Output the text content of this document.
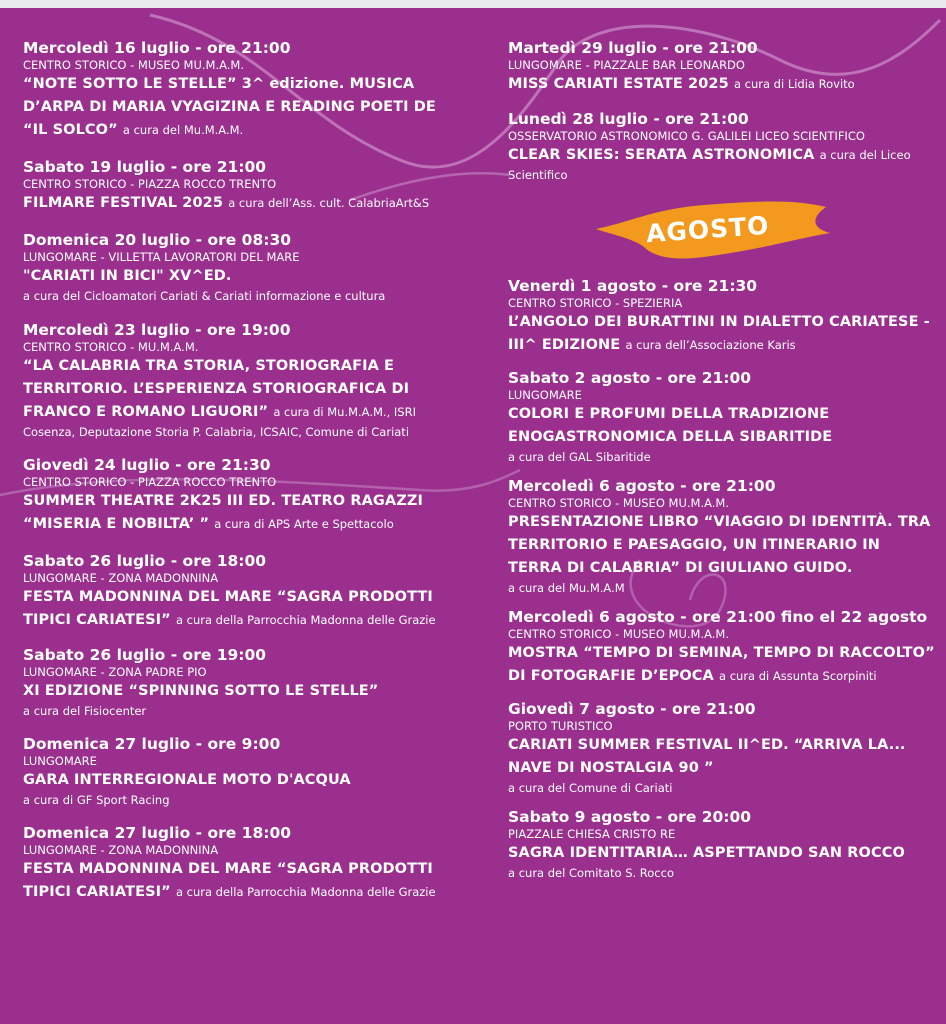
Mercoledì 16 luglio - ore 21:00
CENTRO STORICO - MUSEO MU.M.A.M.
“NOTE SOTTO LE STELLE” 3^ edizione. MUSICA
D’ARPA DI MARIA VYAGIZINA E READING POETI DE
“IL SOLCO” a cura del Mu.M.A.M.
Sabato 19 luglio - ore 21:00
CENTRO STORICO - PIAZZA ROCCO TRENTO
FILMARE FESTIVAL 2025 a cura dell’Ass. cult. CalabriaArt&S
Domenica 20 luglio - ore 08:30
LUNGOMARE - VILLETTA LAVORATORI DEL MARE
"CARIATI IN BICI" XV^ED.
a cura del Cicloamatori Cariati & Cariati informazione e cultura
Mercoledì 23 luglio - ore 19:00
CENTRO STORICO - MU.M.A.M.
“LA CALABRIA TRA STORIA, STORIOGRAFIA E
TERRITORIO. L’ESPERIENZA STORIOGRAFICA DI
FRANCO E ROMANO LIGUORI” a cura di Mu.M.A.M., ISRI
Cosenza, Deputazione Storia P. Calabria, ICSAIC, Comune di Cariati
Giovedì 24 luglio - ore 21:30
CENTRO STORICO - PIAZZA ROCCO TRENTO
SUMMER THEATRE 2K25 III ED. TEATRO RAGAZZI
“MISERIA E NOBILTA’ ” a cura di APS Arte e Spettacolo
Sabato 26 luglio - ore 18:00
LUNGOMARE - ZONA MADONNINA
FESTA MADONNINA DEL MARE “SAGRA PRODOTTI
TIPICI CARIATESI” a cura della Parrocchia Madonna delle Grazie
Sabato 26 luglio - ore 19:00
LUNGOMARE - ZONA PADRE PIO
XI EDIZIONE “SPINNING SOTTO LE STELLE”
a cura del Fisiocenter
Domenica 27 luglio - ore 9:00
LUNGOMARE
GARA INTERREGIONALE MOTO D'ACQUA
a cura di GF Sport Racing
Domenica 27 luglio - ore 18:00
LUNGOMARE - ZONA MADONNINA
FESTA MADONNINA DEL MARE “SAGRA PRODOTTI
TIPICI CARIATESI” a cura della Parrocchia Madonna delle Grazie
Martedì 29 luglio - ore 21:00
LUNGOMARE - PIAZZALE BAR LEONARDO
MISS CARIATI ESTATE 2025 a cura di Lidia Rovito
Lunedì 28 luglio - ore 21:00
OSSERVATORIO ASTRONOMICO G. GALILEI LICEO SCIENTIFICO
CLEAR SKIES: SERATA ASTRONOMICA a cura del Liceo
Scientifico
AGOSTO
Venerdì 1 agosto - ore 21:30
CENTRO STORICO - SPEZIERIA
L’ANGOLO DEI BURATTINI IN DIALETTO CARIATESE -
III^ EDIZIONE a cura dell’Associazione Karis
Sabato 2 agosto - ore 21:00
LUNGOMARE
COLORI E PROFUMI DELLA TRADIZIONE
ENOGASTRONOMICA DELLA SIBARITIDE
a cura del GAL Sibaritide
Mercoledì 6 agosto - ore 21:00
CENTRO STORICO - MUSEO MU.M.A.M.
PRESENTAZIONE LIBRO “VIAGGIO DI IDENTITÀ. TRA
TERRITORIO E PAESAGGIO, UN ITINERARIO IN
TERRA DI CALABRIA” DI GIULIANO GUIDO.
a cura del Mu.M.A.M
Mercoledì 6 agosto - ore 21:00 fino el 22 agosto
CENTRO STORICO - MUSEO MU.M.A.M.
MOSTRA “TEMPO DI SEMINA, TEMPO DI RACCOLTO”
DI FOTOGRAFIE D’EPOCA a cura di Assunta Scorpiniti
Giovedì 7 agosto - ore 21:00
PORTO TURISTICO
CARIATI SUMMER FESTIVAL II^ED. “ARRIVA LA...
NAVE DI NOSTALGIA 90 ”
a cura del Comune di Cariati
Sabato 9 agosto - ore 20:00
PIAZZALE CHIESA CRISTO RE
SAGRA IDENTITARIA… ASPETTANDO SAN ROCCO
a cura del Comitato S. Rocco
